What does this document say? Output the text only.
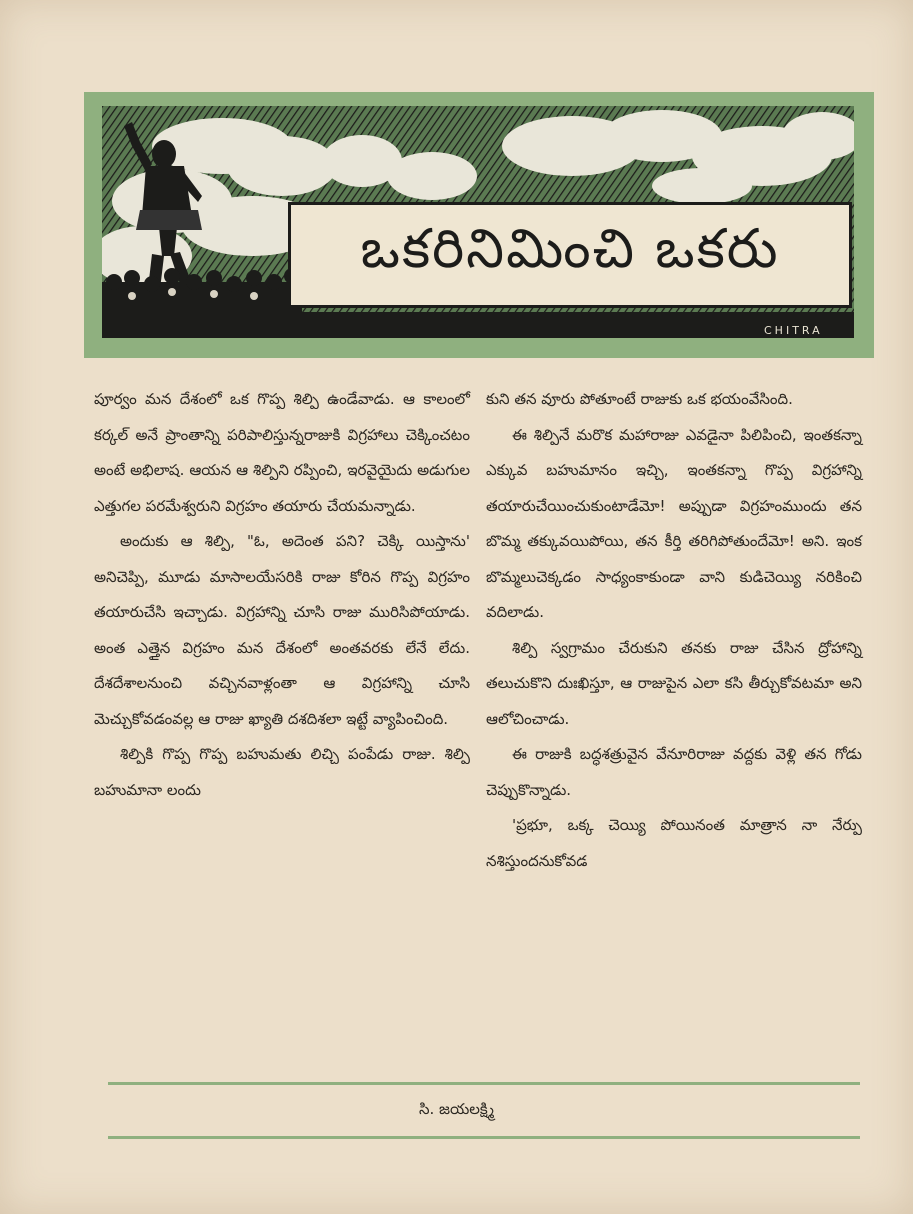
ఒకరినిమించి ఒకరు
CHITRA

పూర్వం మన దేశంలో ఒక గొప్ప శిల్పి ఉండేవాడు. ఆ కాలంలో కర్కల్ అనే ప్రాంతాన్ని పరిపాలిస్తున్నరాజుకి విగ్రహాలు చెక్కించటం అంటే అభిలాష. ఆయన ఆ శిల్పిని రప్పించి, ఇరవైయైదు అడుగుల ఎత్తుగల పరమేశ్వరుని విగ్రహం తయారు చేయమన్నాడు.

అందుకు ఆ శిల్పి, "ఓ, అదెంత పని? చెక్కి యిస్తాను' అనిచెప్పి, మూడు మాసాలయేసరికి రాజు కోరిన గొప్ప విగ్రహం తయారుచేసి ఇచ్చాడు. విగ్రహాన్ని చూసి రాజు మురిసిపోయాడు. అంత ఎత్తైన విగ్రహం మన దేశంలో అంతవరకు లేనే లేదు. దేశదేశాలనుంచి వచ్చినవాళ్లంతా ఆ విగ్రహాన్ని చూసి మెచ్చుకోవడంవల్ల ఆ రాజు ఖ్యాతి దశదిశలా ఇట్టే వ్యాపించింది.

శిల్పికి గొప్ప గొప్ప బహుమతు లిచ్చి పంపేడు రాజు. శిల్పి బహుమానా లందు

కుని తన వూరు పోతూంటే రాజుకు ఒక భయంవేసింది.

ఈ శిల్పినే మరొక మహారాజు ఎవడైనా పిలిపించి, ఇంతకన్నా ఎక్కువ బహుమానం ఇచ్చి, ఇంతకన్నా గొప్ప విగ్రహాన్ని తయారుచేయించుకుంటాడేమో! అప్పుడా విగ్రహంముందు తన బొమ్మ తక్కువయిపోయి, తన కీర్తి తరిగిపోతుందేమో! అని. ఇంక బొమ్మలుచెక్కడం సాధ్యంకాకుండా వాని కుడిచెయ్యి నరికించి వదిలాడు.

శిల్పి స్వగ్రామం చేరుకుని తనకు రాజు చేసిన ద్రోహాన్ని తలుచుకొని దుఃఖిస్తూ, ఆ రాజుపైన ఎలా కసి తీర్చుకోవటమా అని ఆలోచించాడు.

ఈ రాజుకి బద్ధశత్రువైన వేనూరిరాజు వద్దకు వెళ్లి తన గోడు చెప్పుకొన్నాడు.

'ప్రభూ, ఒక్క చెయ్యి పోయినంత మాత్రాన నా నేర్పు నశిస్తుందనుకోవడ

సి. జయలక్ష్మి
